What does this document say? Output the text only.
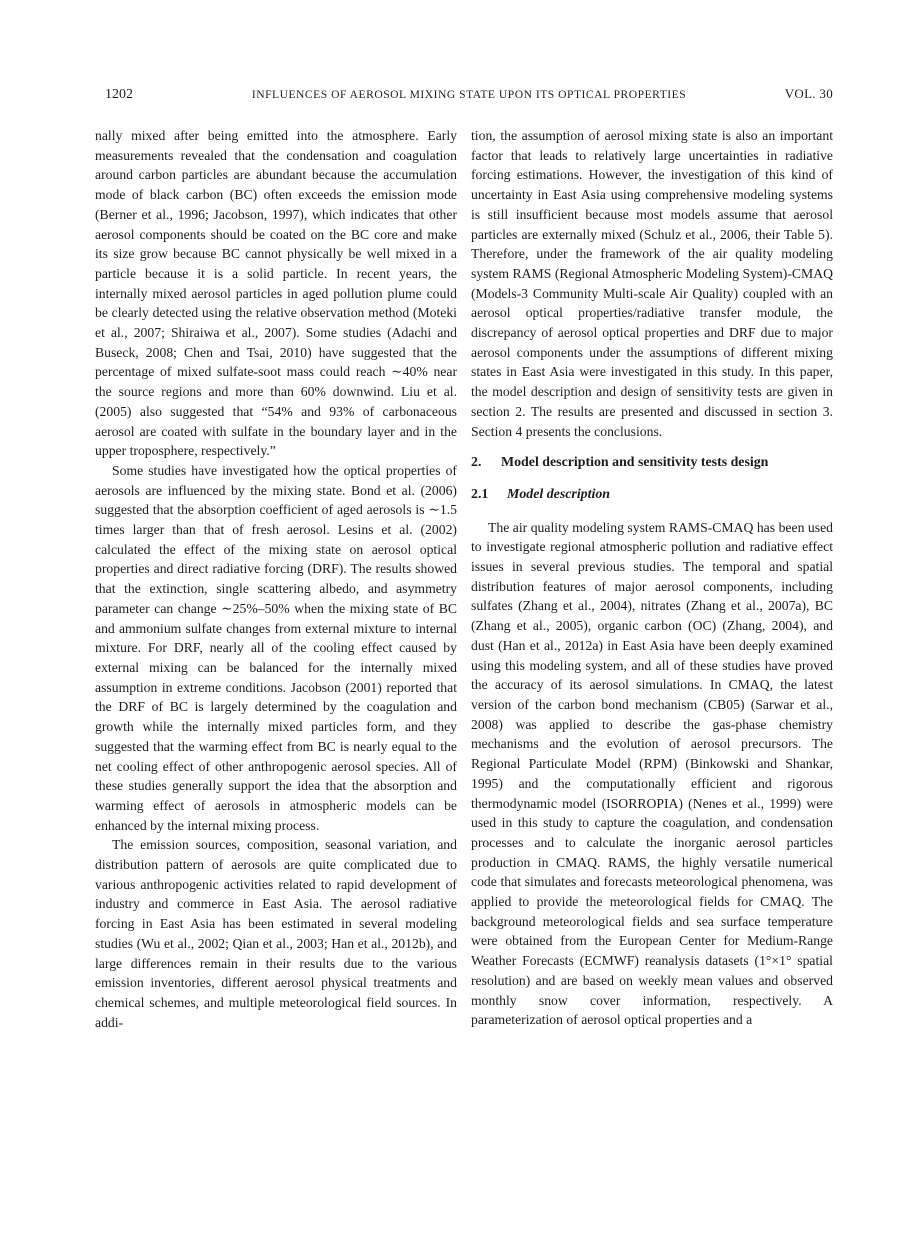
1202	INFLUENCES OF AEROSOL MIXING STATE UPON ITS OPTICAL PROPERTIES	VOL. 30

nally mixed after being emitted into the atmosphere. Early measurements revealed that the condensation and coagulation around carbon particles are abundant because the accumulation mode of black carbon (BC) often exceeds the emission mode (Berner et al., 1996; Jacobson, 1997), which indicates that other aerosol components should be coated on the BC core and make its size grow because BC cannot physically be well mixed in a particle because it is a solid particle. In recent years, the internally mixed aerosol particles in aged pollution plume could be clearly detected using the relative observation method (Moteki et al., 2007; Shiraiwa et al., 2007). Some studies (Adachi and Buseck, 2008; Chen and Tsai, 2010) have suggested that the percentage of mixed sulfate-soot mass could reach ∼40% near the source regions and more than 60% downwind. Liu et al. (2005) also suggested that “54% and 93% of carbonaceous aerosol are coated with sulfate in the boundary layer and in the upper troposphere, respectively.”

Some studies have investigated how the optical properties of aerosols are influenced by the mixing state. Bond et al. (2006) suggested that the absorption coefficient of aged aerosols is ∼1.5 times larger than that of fresh aerosol. Lesins et al. (2002) calculated the effect of the mixing state on aerosol optical properties and direct radiative forcing (DRF). The results showed that the extinction, single scattering albedo, and asymmetry parameter can change ∼25%–50% when the mixing state of BC and ammonium sulfate changes from external mixture to internal mixture. For DRF, nearly all of the cooling effect caused by external mixing can be balanced for the internally mixed assumption in extreme conditions. Jacobson (2001) reported that the DRF of BC is largely determined by the coagulation and growth while the internally mixed particles form, and they suggested that the warming effect from BC is nearly equal to the net cooling effect of other anthropogenic aerosol species. All of these studies generally support the idea that the absorption and warming effect of aerosols in atmospheric models can be enhanced by the internal mixing process.

The emission sources, composition, seasonal variation, and distribution pattern of aerosols are quite complicated due to various anthropogenic activities related to rapid development of industry and commerce in East Asia. The aerosol radiative forcing in East Asia has been estimated in several modeling studies (Wu et al., 2002; Qian et al., 2003; Han et al., 2012b), and large differences remain in their results due to the various emission inventories, different aerosol physical treatments and chemical schemes, and multiple meteorological field sources. In addi-

tion, the assumption of aerosol mixing state is also an important factor that leads to relatively large uncertainties in radiative forcing estimations. However, the investigation of this kind of uncertainty in East Asia using comprehensive modeling systems is still insufficient because most models assume that aerosol particles are externally mixed (Schulz et al., 2006, their Table 5). Therefore, under the framework of the air quality modeling system RAMS (Regional Atmospheric Modeling System)-CMAQ (Models-3 Community Multi-scale Air Quality) coupled with an aerosol optical properties/radiative transfer module, the discrepancy of aerosol optical properties and DRF due to major aerosol components under the assumptions of different mixing states in East Asia were investigated in this study. In this paper, the model description and design of sensitivity tests are given in section 2. The results are presented and discussed in section 3. Section 4 presents the conclusions.

2.	Model description and sensitivity tests design
2.1	Model description

The air quality modeling system RAMS-CMAQ has been used to investigate regional atmospheric pollution and radiative effect issues in several previous studies. The temporal and spatial distribution features of major aerosol components, including sulfates (Zhang et al., 2004), nitrates (Zhang et al., 2007a), BC (Zhang et al., 2005), organic carbon (OC) (Zhang, 2004), and dust (Han et al., 2012a) in East Asia have been deeply examined using this modeling system, and all of these studies have proved the accuracy of its aerosol simulations. In CMAQ, the latest version of the carbon bond mechanism (CB05) (Sarwar et al., 2008) was applied to describe the gas-phase chemistry mechanisms and the evolution of aerosol precursors. The Regional Particulate Model (RPM) (Binkowski and Shankar, 1995) and the computationally efficient and rigorous thermodynamic model (ISORROPIA) (Nenes et al., 1999) were used in this study to capture the coagulation, and condensation processes and to calculate the inorganic aerosol particles production in CMAQ. RAMS, the highly versatile numerical code that simulates and forecasts meteorological phenomena, was applied to provide the meteorological fields for CMAQ. The background meteorological fields and sea surface temperature were obtained from the European Center for Medium-Range Weather Forecasts (ECMWF) reanalysis datasets (1°×1° spatial resolution) and are based on weekly mean values and observed monthly snow cover information, respectively. A parameterization of aerosol optical properties and a
